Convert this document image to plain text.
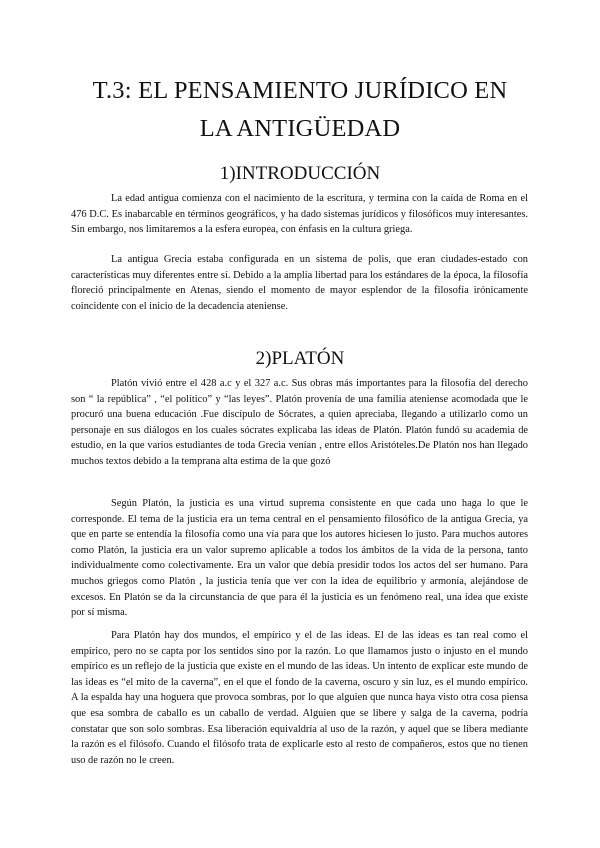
T.3: EL PENSAMIENTO JURÍDICO EN
LA ANTIGÜEDAD
1)INTRODUCCIÓN

La edad antigua comienza con el nacimiento de la escritura, y termina con la caída de Roma en el 476 D.C. Es inabarcable en términos geográficos, y ha dado sistemas jurídicos y filosóficos muy interesantes. Sin embargo, nos limitaremos a la esfera europea, con énfasis en la cultura griega.

La antigua Grecia estaba configurada en un sistema de polis, que eran ciudades-estado con características muy diferentes entre sí. Debido a la amplia libertad para los estándares de la época, la filosofía floreció principalmente en Atenas, siendo el momento de mayor esplendor de la filosofía irónicamente coincidente con el inicio de la decadencia ateniense.

2)PLATÓN

Platón vivió entre el 428 a.c y el 327 a.c. Sus obras más importantes para la filosofía del derecho son “ la república” , “el político” y “las leyes”. Platón provenía de una familia ateniense acomodada que le procuró una buena educación .Fue discípulo de Sócrates, a quien apreciaba, llegando a utilizarlo como un personaje en sus diálogos en los cuales sócrates explicaba las ideas de Platón. Platón fundó su academia de estudio, en la que varios estudiantes de toda Grecia venían , entre ellos Aristóteles.De Platón nos han llegado muchos textos debido a la temprana alta estima de la que gozó

Según Platón, la justicia es una virtud suprema consistente en que cada uno haga lo que le corresponde. El tema de la justicia era un tema central en el pensamiento filosófico de la antigua Grecia, ya que en parte se entendía la filosofía como una vía para que los autores hiciesen lo justo. Para muchos autores como Platón, la justicia era un valor supremo aplicable a todos los ámbitos de la vida de la persona, tanto individualmente como colectivamente. Era un valor que debía presidir todos los actos del ser humano. Para muchos griegos como Platón , la justicia tenía que ver con la idea de equilibrio y armonía, alejándose de excesos. En Platón se da la circunstancia de que para él la justicia es un fenómeno real, una idea que existe por sí misma.

Para Platón hay dos mundos, el empírico y el de las ideas. El de las ideas es tan real como el empírico, pero no se capta por los sentidos sino por la razón. Lo que llamamos justo o injusto en el mundo empírico es un reflejo de la justicia que existe en el mundo de las ideas. Un intento de explicar este mundo de las ideas es “el mito de la caverna”, en el que el fondo de la caverna, oscuro y sin luz, es el mundo empírico. A la espalda hay una hoguera que provoca sombras, por lo que alguien que nunca haya visto otra cosa piensa que esa sombra de caballo es un caballo de verdad. Alguien que se libere y salga de la caverna, podría constatar que son solo sombras. Esa liberación equivaldría al uso de la razón, y aquel que se libera mediante la razón es el filósofo. Cuando el filósofo trata de explicarle esto al resto de compañeros, estos que no tienen uso de razón no le creen.
